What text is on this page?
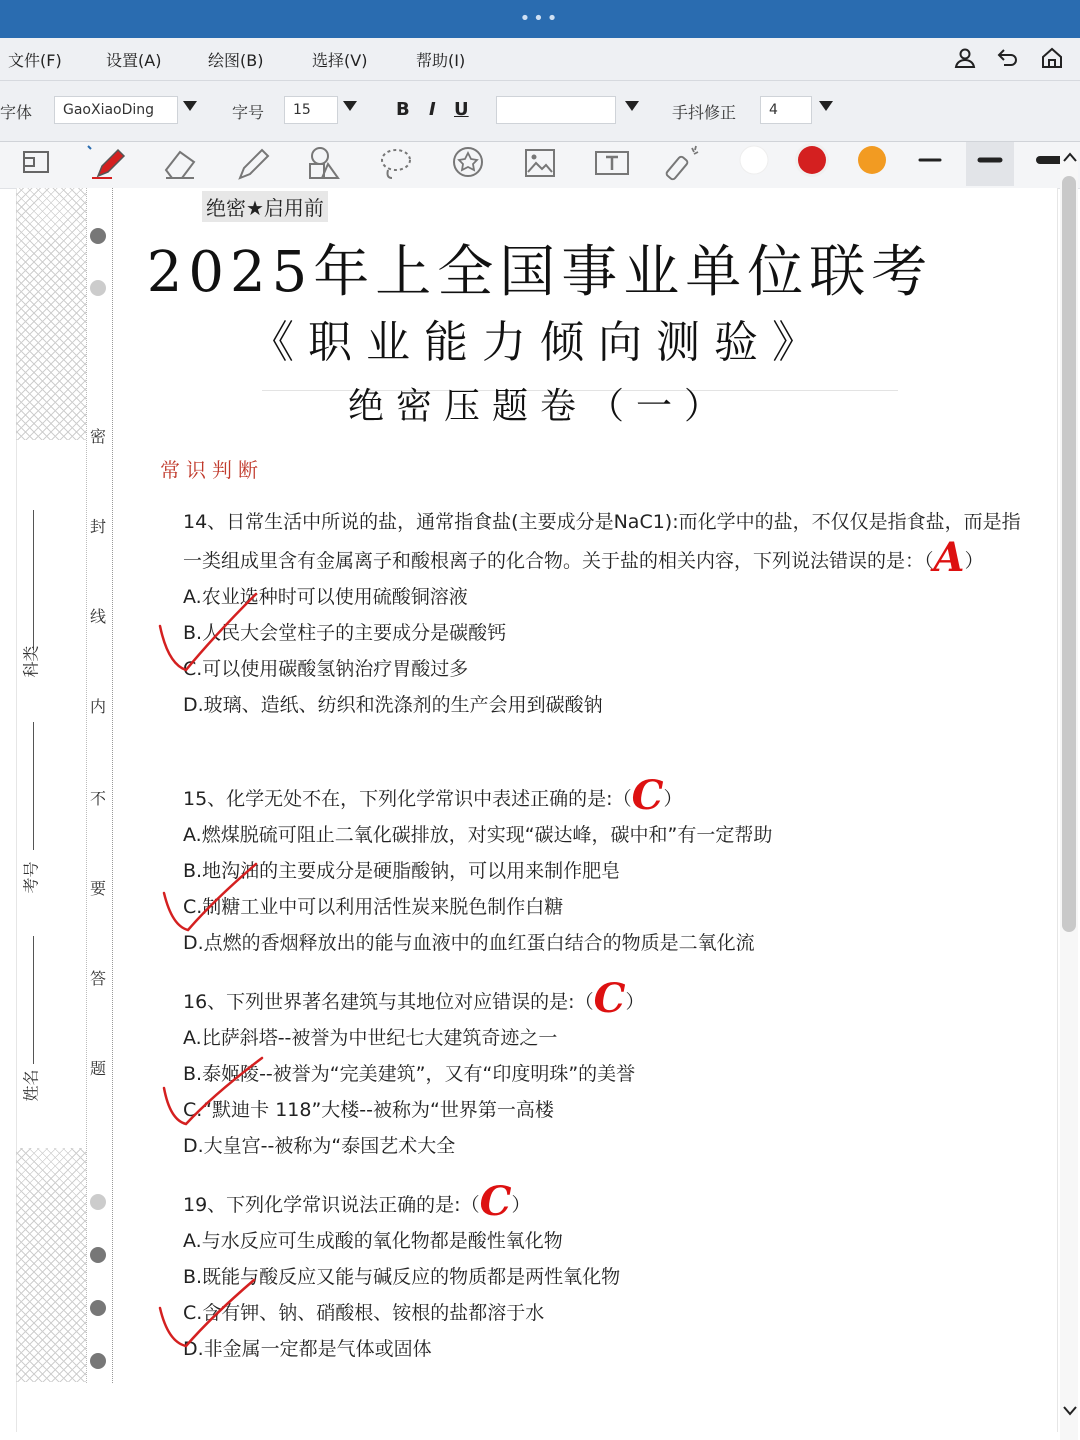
•••
文件(F)	设置(A)	绘图(B)	选择(V)	帮助(I)
字体	GaoXiaoDing	字号	15	B I U	手抖修正	4
密
封
线
内
不
要
答
题
科类
考号
姓名
绝密★启用前
2025年上全国事业单位联考
《职业能力倾向测验》
绝密压题卷（一）
常识判断
14、日常生活中所说的盐，通常指食盐(主要成分是NaC1):而化学中的盐，不仅仅是指食盐，而是指一类组成里含有金属离子和酸根离子的化合物。关于盐的相关内容，下列说法错误的是：（A）
A.农业选种时可以使用硫酸铜溶液
B.人民大会堂柱子的主要成分是碳酸钙
C.可以使用碳酸氢钠治疗胃酸过多
D.玻璃、造纸、纺织和洗涤剂的生产会用到碳酸钠
15、化学无处不在，下列化学常识中表述正确的是:（C）
A.燃煤脱硫可阻止二氧化碳排放，对实现“碳达峰，碳中和”有一定帮助
B.地沟油的主要成分是硬脂酸钠，可以用来制作肥皂
C.制糖工业中可以利用活性炭来脱色制作白糖
D.点燃的香烟释放出的能与血液中的血红蛋白结合的物质是二氧化流
16、下列世界著名建筑与其地位对应错误的是:（C）
A.比萨斜塔--被誉为中世纪七大建筑奇迹之一
B.泰姬陵--被誉为“完美建筑”，又有“印度明珠”的美誉
C.“默迪卡 118”大楼--被称为“世界第一高楼
D.大皇宫--被称为“泰国艺术大全
19、下列化学常识说法正确的是:（C）
A.与水反应可生成酸的氧化物都是酸性氧化物
B.既能与酸反应又能与碱反应的物质都是两性氧化物
C.含有钾、钠、硝酸根、铵根的盐都溶于水
D.非金属一定都是气体或固体
